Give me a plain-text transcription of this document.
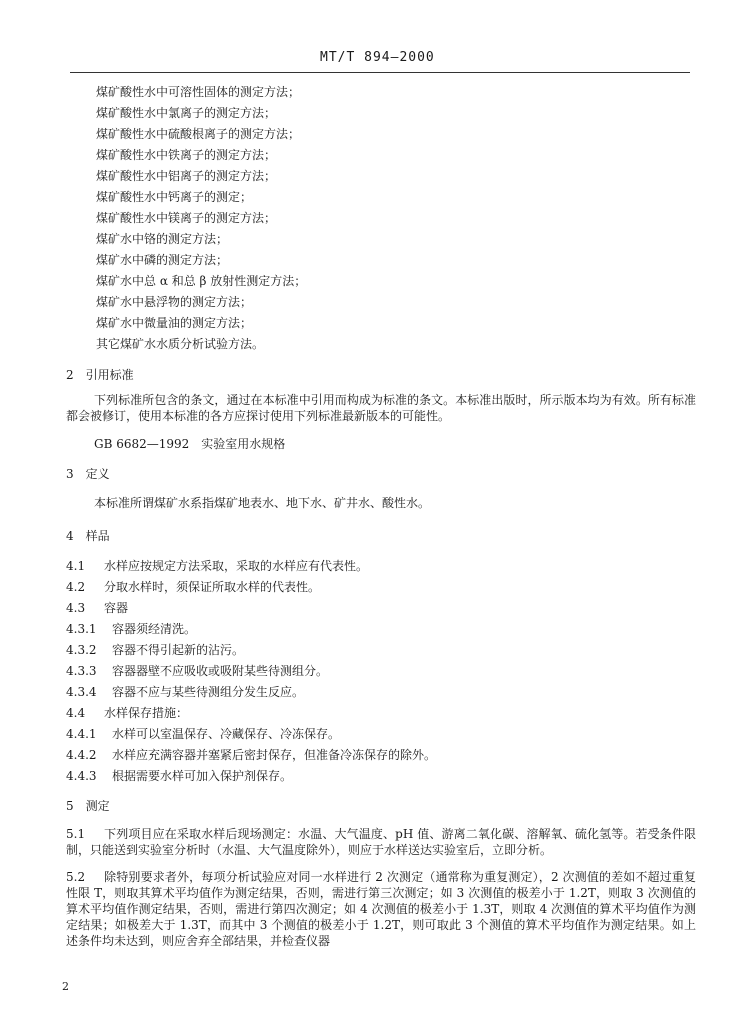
MT/T 894—2000
煤矿酸性水中可溶性固体的测定方法；
煤矿酸性水中氯离子的测定方法；
煤矿酸性水中硫酸根离子的测定方法；
煤矿酸性水中铁离子的测定方法；
煤矿酸性水中铝离子的测定方法；
煤矿酸性水中钙离子的测定；
煤矿酸性水中镁离子的测定方法；
煤矿水中铬的测定方法；
煤矿水中磷的测定方法；
煤矿水中总 α 和总 β 放射性测定方法；
煤矿水中悬浮物的测定方法；
煤矿水中微量油的测定方法；
其它煤矿水水质分析试验方法。
2　引用标准
下列标准所包含的条文，通过在本标准中引用而构成为标准的条文。本标准出版时，所示版本均为有效。所有标准都会被修订，使用本标准的各方应探讨使用下列标准最新版本的可能性。
GB 6682—1992　实验室用水规格
3　定义
本标准所谓煤矿水系指煤矿地表水、地下水、矿井水、酸性水。
4　样品
4.1 水样应按规定方法采取，采取的水样应有代表性。
4.2 分取水样时，须保证所取水样的代表性。
4.3 容器
4.3.1 容器须经清洗。
4.3.2 容器不得引起新的沾污。
4.3.3 容器器壁不应吸收或吸附某些待测组分。
4.3.4 容器不应与某些待测组分发生反应。
4.4 水样保存措施：
4.4.1 水样可以室温保存、冷藏保存、冷冻保存。
4.4.2 水样应充满容器并塞紧后密封保存，但准备冷冻保存的除外。
4.4.3 根据需要水样可加入保护剂保存。
5　测定
5.1 下列项目应在采取水样后现场测定：水温、大气温度、pH 值、游离二氧化碳、溶解氧、硫化氢等。若受条件限制，只能送到实验室分析时（水温、大气温度除外），则应于水样送达实验室后，立即分析。
5.2 除特别要求者外，每项分析试验应对同一水样进行 2 次测定（通常称为重复测定），2 次测值的差如不超过重复性限 T，则取其算术平均值作为测定结果，否则，需进行第三次测定；如 3 次测值的极差小于 1.2T，则取 3 次测值的算术平均值作测定结果，否则，需进行第四次测定；如 4 次测值的极差小于 1.3T，则取 4 次测值的算术平均值作为测定结果；如极差大于 1.3T，而其中 3 个测值的极差小于 1.2T，则可取此 3 个测值的算术平均值作为测定结果。如上述条件均未达到，则应舍弃全部结果，并检查仪器
2
